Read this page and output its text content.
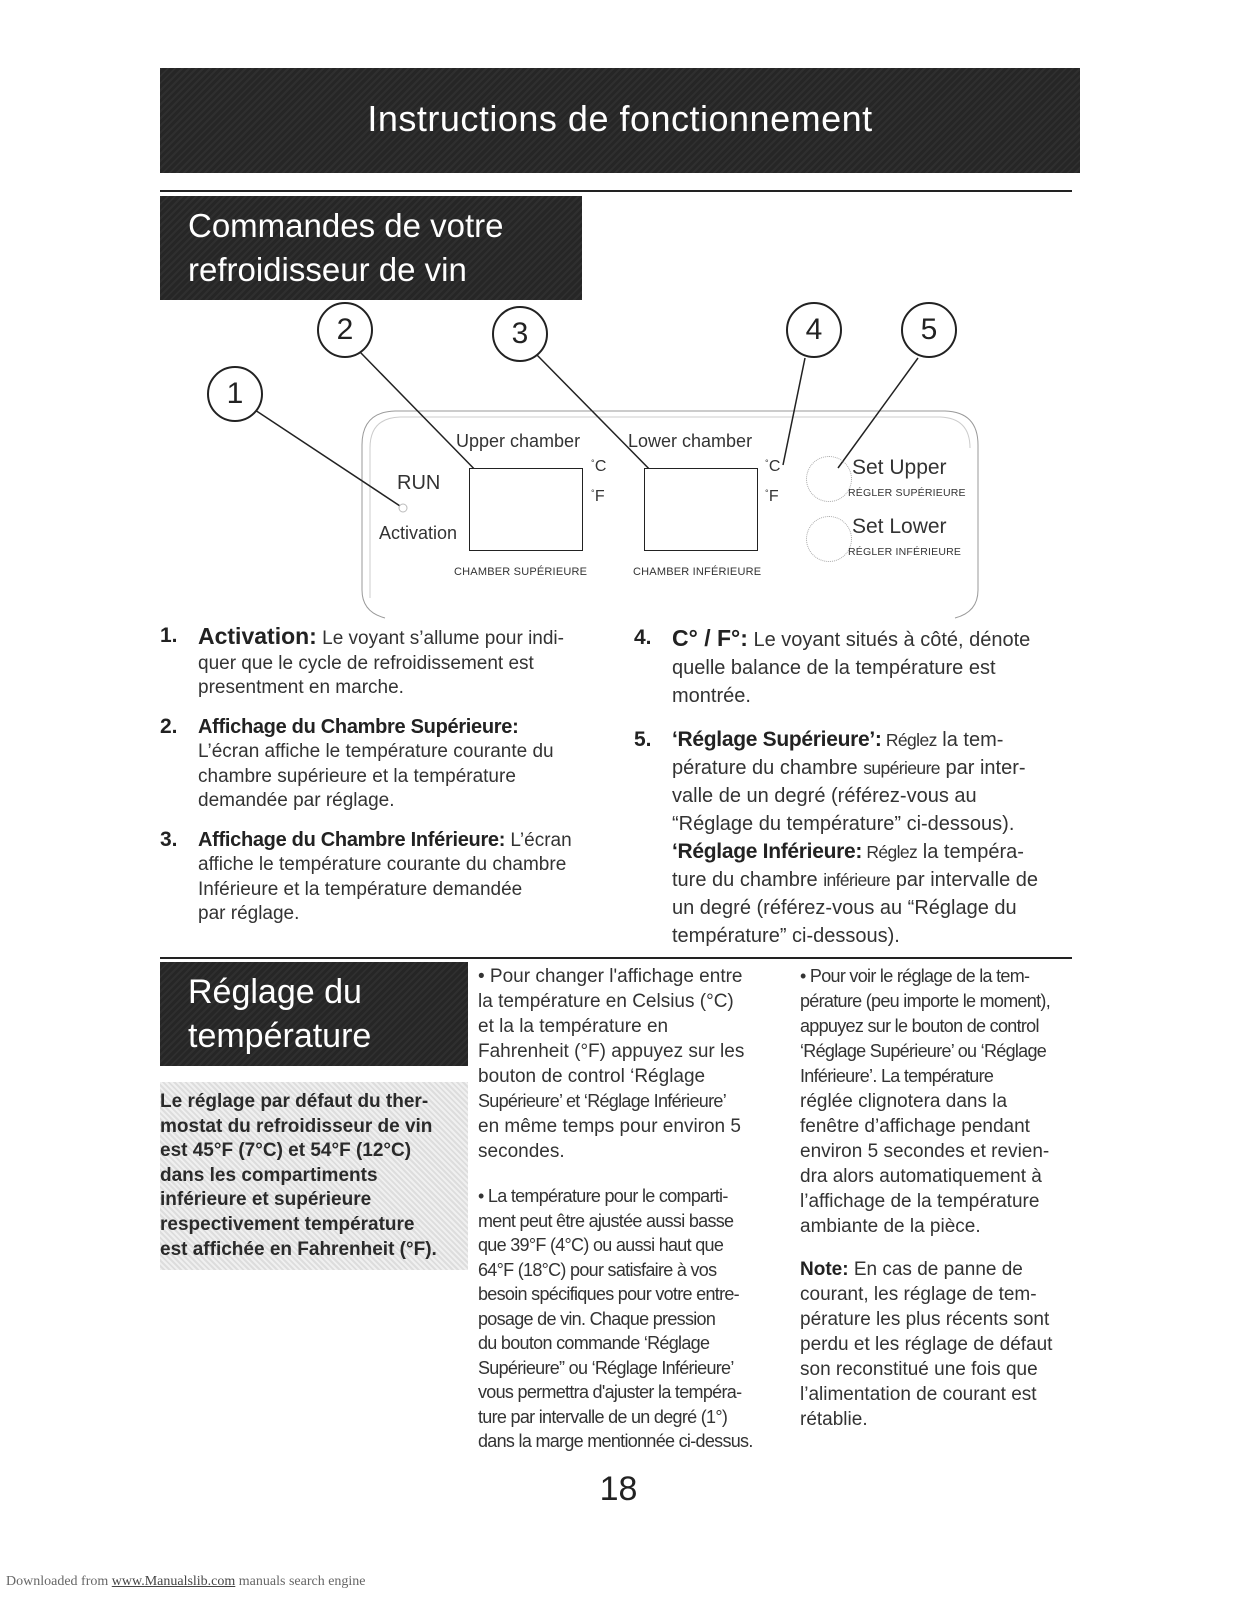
Instructions de fonctionnement
Commandes de votre
refroidisseur de vin
1
2	3	4	5
RUN
Activation
Upper chamber	Lower chamber
°C
°F
°C
°F
CHAMBER SUPÉRIEURE	CHAMBER INFÉRIEURE
Set Upper
RÉGLER SUPÉRIEURE
Set Lower
RÉGLER INFÉRIEURE
1. Activation: Le voyant s’allume pour indi-
quer que le cycle de refroidissement est
presentment en marche.
2. Affichage du Chambre Supérieure:
L’écran affiche le température courante du
chambre supérieure et la température
demandée par réglage.
3. Affichage du Chambre Inférieure: L’écran
affiche le température courante du chambre
Inférieure et la température demandée
par réglage.
4. C° / F°: Le voyant situés à côté, dénote
quelle balance de la température est
montrée.
5. ‘Réglage Supérieure’: Réglez la tem-
pérature du chambre supérieure par inter-
valle de un degré (référez-vous au
“Réglage du température” ci-dessous).
‘Réglage Inférieure: Réglez la tempéra-
ture du chambre inférieure par intervalle de
un degré (référez-vous au “Réglage du
température” ci-dessous).
Réglage du
température
Le réglage par défaut du ther-
mostat du refroidisseur de vin
est 45°F (7°C) et 54°F (12°C)
dans les compartiments
inférieure et supérieure
respectivement température
est affichée en Fahrenheit (°F).

• Pour changer l'affichage entre
la température en Celsius (°C)
et la la température en
Fahrenheit (°F) appuyez sur les
bouton de control ‘Réglage
Supérieure’ et ‘Réglage Inférieure’
en même temps pour environ 5
secondes.

• La température pour le comparti-
ment peut être ajustée aussi basse
que 39°F (4°C) ou aussi haut que
64°F (18°C) pour satisfaire à vos
besoin spécifiques pour votre entre-
posage de vin. Chaque pression
du bouton commande ‘Réglage
Supérieure” ou ‘Réglage Inférieure’
vous permettra d'ajuster la tempéra-
ture par intervalle de un degré (1°)
dans la marge mentionnée ci-dessus.

• Pour voir le réglage de la tem-
pérature (peu importe le moment),
appuyez sur le bouton de control
‘Réglage Supérieure’ ou ‘Réglage
Inférieure’. La température
réglée clignotera dans la
fenêtre d’affichage pendant
environ 5 secondes et revien-
dra alors automatiquement à
l’affichage de la température
ambiante de la pièce.

Note: En cas de panne de
courant, les réglage de tem-
pérature les plus récents sont
perdu et les réglage de défaut
son reconstitué une fois que
l’alimentation de courant est
rétablie.

18
Downloaded from www.Manualslib.com manuals search engine
